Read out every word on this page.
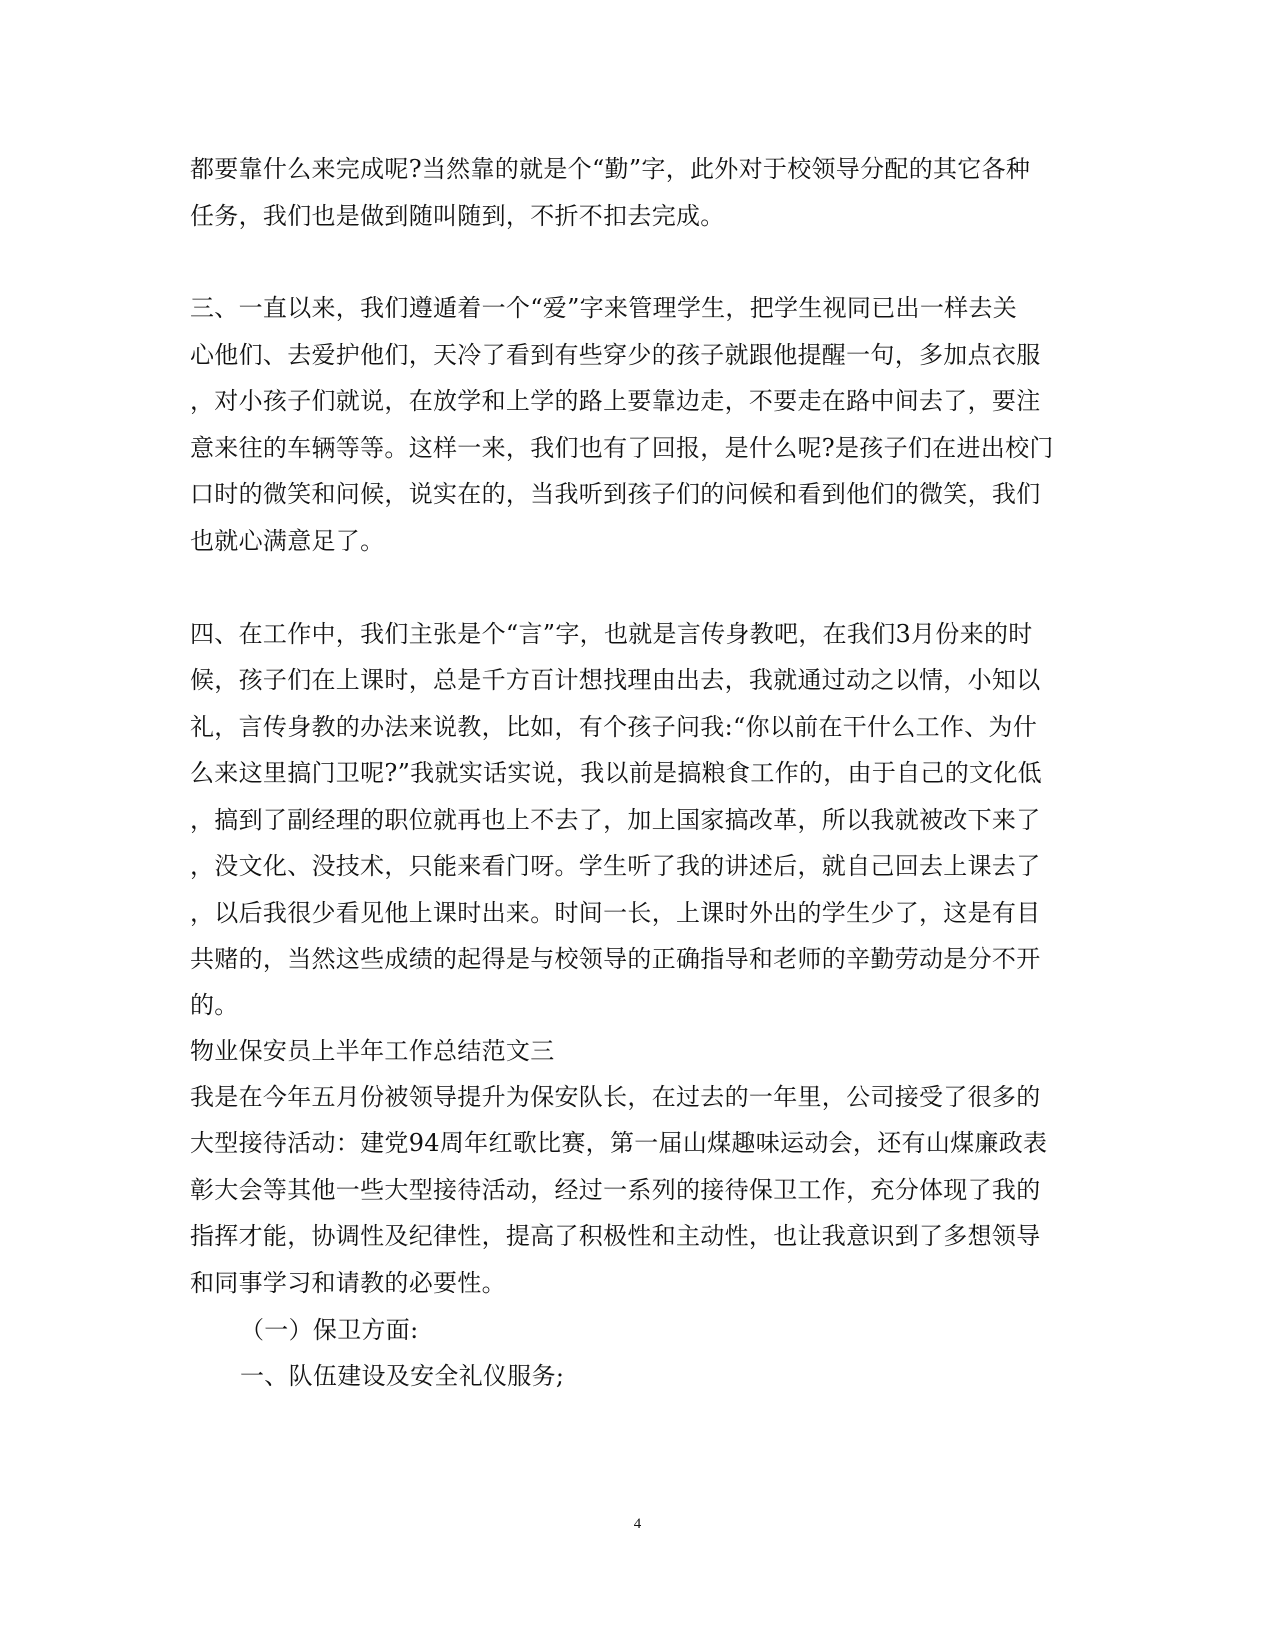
都要靠什么来完成呢?当然靠的就是个“勤”字，此外对于校领导分配的其它各种
任务，我们也是做到随叫随到，不折不扣去完成。
三、一直以来，我们遵遁着一个“爱”字来管理学生，把学生视同已出一样去关
心他们、去爱护他们，天冷了看到有些穿少的孩子就跟他提醒一句，多加点衣服
，对小孩子们就说，在放学和上学的路上要靠边走，不要走在路中间去了，要注
意来往的车辆等等。这样一来，我们也有了回报，是什么呢?是孩子们在进出校门
口时的微笑和问候，说实在的，当我听到孩子们的问候和看到他们的微笑，我们
也就心满意足了。
四、在工作中，我们主张是个“言”字，也就是言传身教吧，在我们3月份来的时
候，孩子们在上课时，总是千方百计想找理由出去，我就通过动之以情，小知以
礼，言传身教的办法来说教，比如，有个孩子问我:“你以前在干什么工作、为什
么来这里搞门卫呢?”我就实话实说，我以前是搞粮食工作的，由于自己的文化低
，搞到了副经理的职位就再也上不去了，加上国家搞改革，所以我就被改下来了
，没文化、没技术，只能来看门呀。学生听了我的讲述后，就自己回去上课去了
，以后我很少看见他上课时出来。时间一长，上课时外出的学生少了，这是有目
共赌的，当然这些成绩的起得是与校领导的正确指导和老师的辛勤劳动是分不开
的。
物业保安员上半年工作总结范文三
我是在今年五月份被领导提升为保安队长，在过去的一年里，公司接受了很多的
大型接待活动：建党94周年红歌比赛，第一届山煤趣味运动会，还有山煤廉政表
彰大会等其他一些大型接待活动，经过一系列的接待保卫工作，充分体现了我的
指挥才能，协调性及纪律性，提高了积极性和主动性，也让我意识到了多想领导
和同事学习和请教的必要性。
（一）保卫方面:
一、队伍建设及安全礼仪服务;
4
